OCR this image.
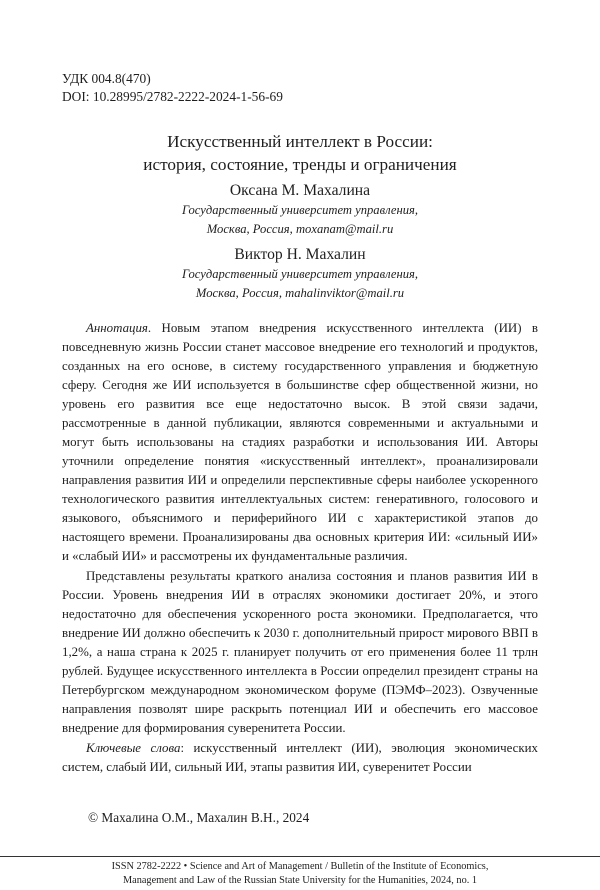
УДК 004.8(470)
DOI: 10.28995/2782-2222-2024-1-56-69
Искусственный интеллект в России:
история, состояние, тренды и ограничения
Оксана М. Махалина
Государственный университет управления,
Москва, Россия, moxanam@mail.ru
Виктор Н. Махалин
Государственный университет управления,
Москва, Россия, mahalinviktor@mail.ru

Аннотация. Новым этапом внедрения искусственного интеллекта (ИИ) в повседневную жизнь России станет массовое внедрение его технологий и продуктов, созданных на его основе, в систему государственного управления и бюджетную сферу. Сегодня же ИИ используется в большинстве сфер общественной жизни, но уровень его развития все еще недостаточно высок. В этой связи задачи, рассмотренные в данной публикации, являются современными и актуальными и могут быть использованы на стадиях разработки и использования ИИ. Авторы уточнили определение понятия «искусственный интеллект», проанализировали направления развития ИИ и определили перспективные сферы наиболее ускоренного технологического развития интеллектуальных систем: генеративного, голосового и языкового, объяснимого и периферийного ИИ с характеристикой этапов до настоящего времени. Проанализированы два основных критерия ИИ: «сильный ИИ» и «слабый ИИ» и рассмотрены их фундаментальные различия.

Представлены результаты краткого анализа состояния и планов развития ИИ в России. Уровень внедрения ИИ в отраслях экономики достигает 20%, и этого недостаточно для обеспечения ускоренного роста экономики. Предполагается, что внедрение ИИ должно обеспечить к 2030 г. дополнительный прирост мирового ВВП в 1,2%, а наша страна к 2025 г. планирует получить от его применения более 11 трлн рублей. Будущее искусственного интеллекта в России определил президент страны на Петербургском международном экономическом форуме (ПЭМФ–2023). Озвученные направления позволят шире раскрыть потенциал ИИ и обеспечить его массовое внедрение для формирования суверенитета России.

Ключевые слова: искусственный интеллект (ИИ), эволюция экономических систем, слабый ИИ, сильный ИИ, этапы развития ИИ, суверенитет России

© Махалина О.М., Махалин В.Н., 2024
ISSN 2782-2222 • Science and Art of Management / Bulletin of the Institute of Economics,
Management and Law of the Russian State University for the Humanities, 2024, no. 1
